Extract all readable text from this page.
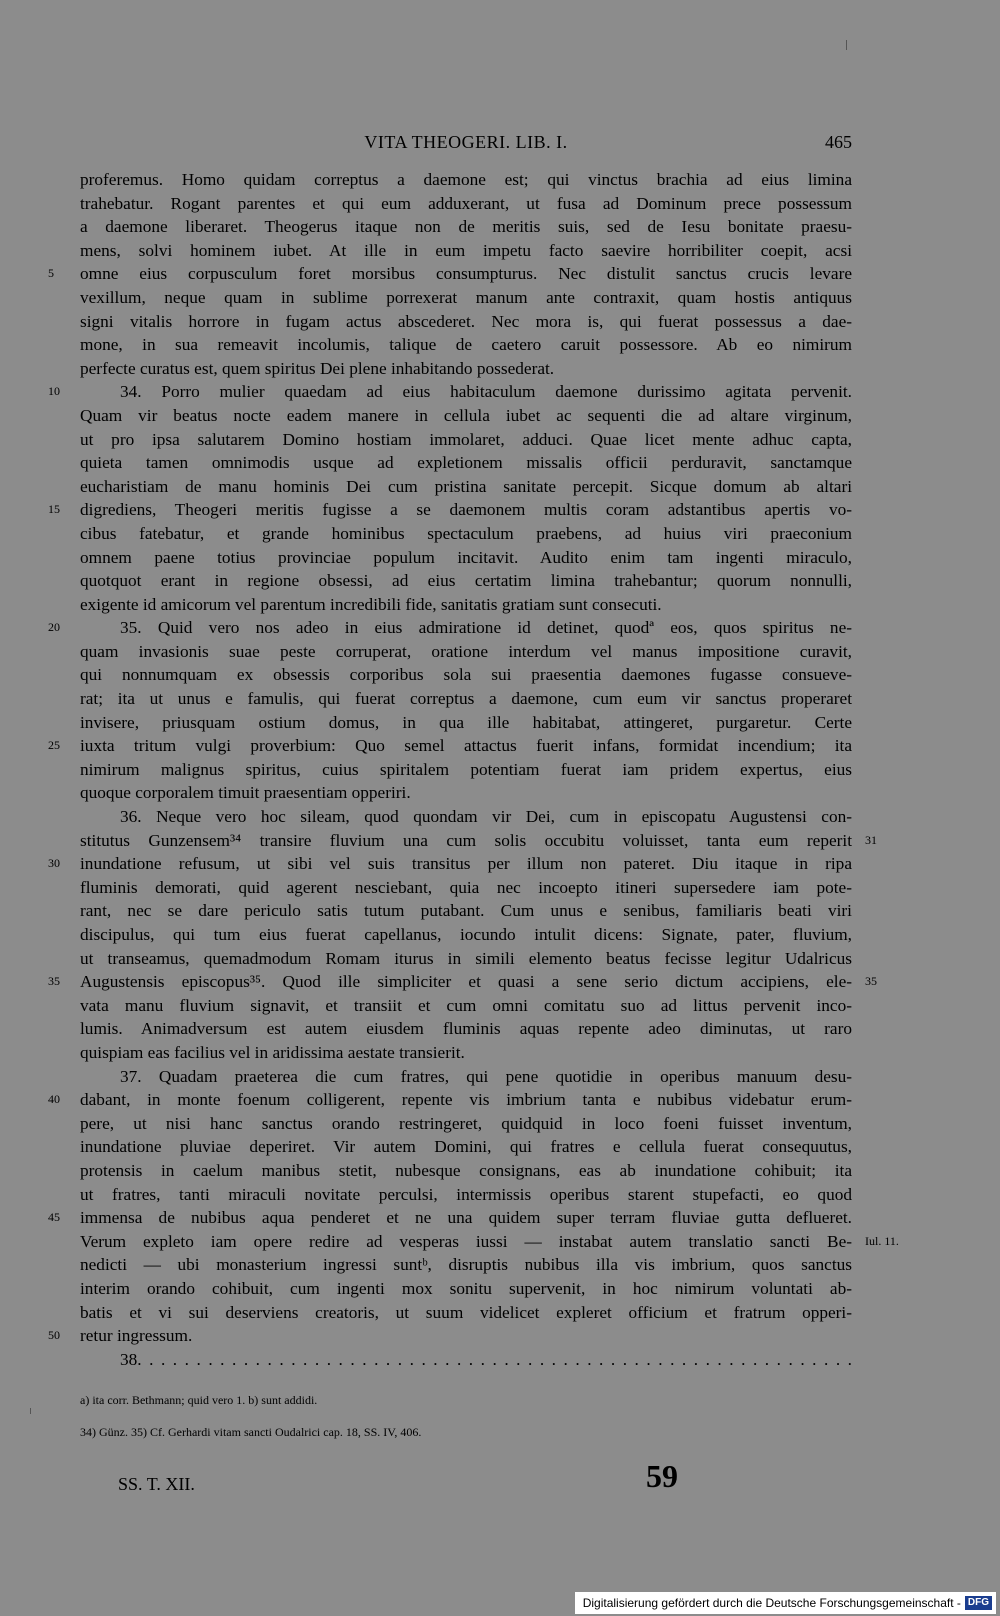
VITA THEOGERI. LIB. I.	465
proferemus. Homo quidam correptus a daemone est; qui vinctus brachia ad eius limina
trahebatur. Rogant parentes et qui eum adduxerant, ut fusa ad Dominum prece possessum
a daemone liberaret. Theogerus itaque non de meritis suis, sed de Iesu bonitate praesu-
mens, solvi hominem iubet. At ille in eum impetu facto saevire horribiliter coepit, acsi
5	omne eius corpusculum foret morsibus consumpturus. Nec distulit sanctus crucis levare
vexillum, neque quam in sublime porrexerat manum ante contraxit, quam hostis antiquus
signi vitalis horrore in fugam actus abscederet. Nec mora is, qui fuerat possessus a dae-
mone, in sua remeavit incolumis, talique de caetero caruit possessore. Ab eo nimirum
perfecte curatus est, quem spiritus Dei plene inhabitando possederat.
10	34. Porro mulier quaedam ad eius habitaculum daemone durissimo agitata pervenit.
Quam vir beatus nocte eadem manere in cellula iubet ac sequenti die ad altare virginum,
ut pro ipsa salutarem Domino hostiam immolaret, adduci. Quae licet mente adhuc capta,
quieta tamen omnimodis usque ad expletionem missalis officii perduravit, sanctamque
eucharistiam de manu hominis Dei cum pristina sanitate percepit. Sicque domum ab altari
15	digrediens, Theogeri meritis fugisse a se daemonem multis coram adstantibus apertis vo-
cibus fatebatur, et grande hominibus spectaculum praebens, ad huius viri praeconium
omnem paene totius provinciae populum incitavit. Audito enim tam ingenti miraculo,
quotquot erant in regione obsessi, ad eius certatim limina trahebantur; quorum nonnulli,
exigente id amicorum vel parentum incredibili fide, sanitatis gratiam sunt consecuti.
20	35. Quid vero nos adeo in eius admiratione id detinet, quodª eos, quos spiritus ne-
quam invasionis suae peste corruperat, oratione interdum vel manus impositione curavit,
qui nonnumquam ex obsessis corporibus sola sui praesentia daemones fugasse consueve-
rat; ita ut unus e famulis, qui fuerat correptus a daemone, cum eum vir sanctus properaret
invisere, priusquam ostium domus, in qua ille habitabat, attingeret, purgaretur. Certe
25	iuxta tritum vulgi proverbium: Quo semel attactus fuerit infans, formidat incendium; ita
nimirum malignus spiritus, cuius spiritalem potentiam fuerat iam pridem expertus, eius
quoque corporalem timuit praesentiam opperiri.
36. Neque vero hoc sileam, quod quondam vir Dei, cum in episcopatu Augustensi con-
stitutus Gunzensem³⁴ transire fluvium una cum solis occubitu voluisset, tanta eum reperit 31
30	inundatione refusum, ut sibi vel suis transitus per illum non pateret. Diu itaque in ripa
fluminis demorati, quid agerent nesciebant, quia nec incoepto itineri supersedere iam pote-
rant, nec se dare periculo satis tutum putabant. Cum unus e senibus, familiaris beati viri
discipulus, qui tum eius fuerat capellanus, iocundo intulit dicens: Signate, pater, fluvium,
ut transeamus, quemadmodum Romam iturus in simili elemento beatus fecisse legitur Udalricus
35	Augustensis episcopus³⁵. Quod ille simpliciter et quasi a sene serio dictum accipiens, ele- 35
vata manu fluvium signavit, et transiit et cum omni comitatu suo ad littus pervenit inco-
lumis. Animadversum est autem eiusdem fluminis aquas repente adeo diminutas, ut raro
quispiam eas facilius vel in aridissima aestate transierit.
37. Quadam praeterea die cum fratres, qui pene quotidie in operibus manuum desu-
40	dabant, in monte foenum colligerent, repente vis imbrium tanta e nubibus videbatur erum-
pere, ut nisi hanc sanctus orando restringeret, quidquid in loco foeni fuisset inventum,
inundatione pluviae deperiret. Vir autem Domini, qui fratres e cellula fuerat consequutus,
protensis in caelum manibus stetit, nubesque consignans, eas ab inundatione cohibuit; ita
ut fratres, tanti miraculi novitate perculsi, intermissis operibus starent stupefacti, eo quod
45	immensa de nubibus aqua penderet et ne una quidem super terram fluviae gutta deflueret.
Verum expleto iam opere redire ad vesperas iussi — instabat autem translatio sancti Be- Iul. 11.
nedicti — ubi monasterium ingressi suntᵇ, disruptis nubibus illa vis imbrium, quos sanctus
interim orando cohibuit, cum ingenti mox sonitu supervenit, in hoc nimirum voluntati ab-
batis et vi sui deserviens creatoris, ut suum videlicet expleret officium et fratrum opperi-
50	retur ingressum.
38. . . . . . . . . . . . . . . . . . . . . . . . . . . . . . . . . . . . . . . . . . . . . . . . . . . . . . . . . . . . .
a) ita corr. Bethmann; quid vero 1. b) sunt addidi.
34) Günz. 35) Cf. Gerhardi vitam sancti Oudalrici cap. 18, SS. IV, 406.
SS. T. XII.	59
Digitalisierung gefördert durch die Deutsche Forschungsgemeinschaft - DFG
